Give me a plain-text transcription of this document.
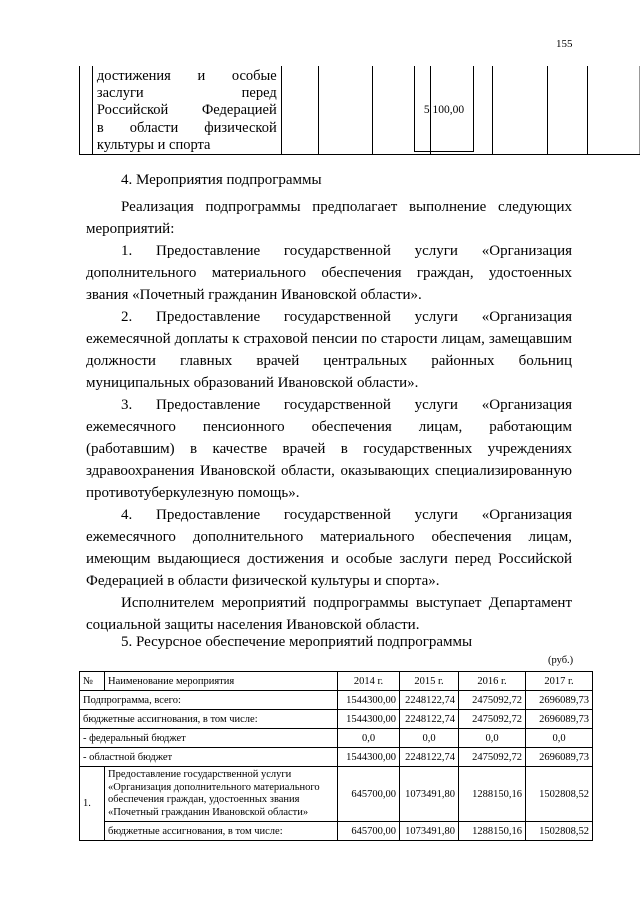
155

достижения и особые
заслуги перед
Российской Федерацией
в области физической
культуры и спорта

5 100,00
4. Мероприятия подпрограммы
Реализация подпрограммы предполагает выполнение следующих
мероприятий:
1. Предоставление государственной услуги «Организация
дополнительного материального обеспечения граждан, удостоенных
звания «Почетный гражданин Ивановской области».
2. Предоставление государственной услуги «Организация
ежемесячной доплаты к страховой пенсии по старости лицам, замещавшим
должности главных врачей центральных районных больниц
муниципальных образований Ивановской области».
3. Предоставление государственной услуги «Организация
ежемесячного пенсионного обеспечения лицам, работающим
(работавшим) в качестве врачей в государственных учреждениях
здравоохранения Ивановской области, оказывающих специализированную
противотуберкулезную помощь».
4. Предоставление государственной услуги «Организация
ежемесячного дополнительного материального обеспечения лицам,
имеющим выдающиеся достижения и особые заслуги перед Российской
Федерацией в области физической культуры и спорта».
Исполнителем мероприятий подпрограммы выступает Департамент
социальной защиты населения Ивановской области.
5. Ресурсное обеспечение мероприятий подпрограммы
(руб.)
№	Наименование мероприятия	2014 г.	2015 г.	2016 г.	2017 г.
Подпрограмма, всего:		1544300,00	2248122,74	2475092,72	2696089,73
бюджетные ассигнования, в том числе:		1544300,00	2248122,74	2475092,72	2696089,73
- федеральный бюджет		0,0	0,0	0,0	0,0
- областной бюджет		1544300,00	2248122,74	2475092,72	2696089,73
1.	Предоставление государственной услуги
«Организация дополнительного материального
обеспечения граждан, удостоенных звания
«Почетный гражданин Ивановской области»	645700,00	1073491,80	1288150,16	1502808,52
	бюджетные ассигнования, в том числе:	645700,00	1073491,80	1288150,16	1502808,52
